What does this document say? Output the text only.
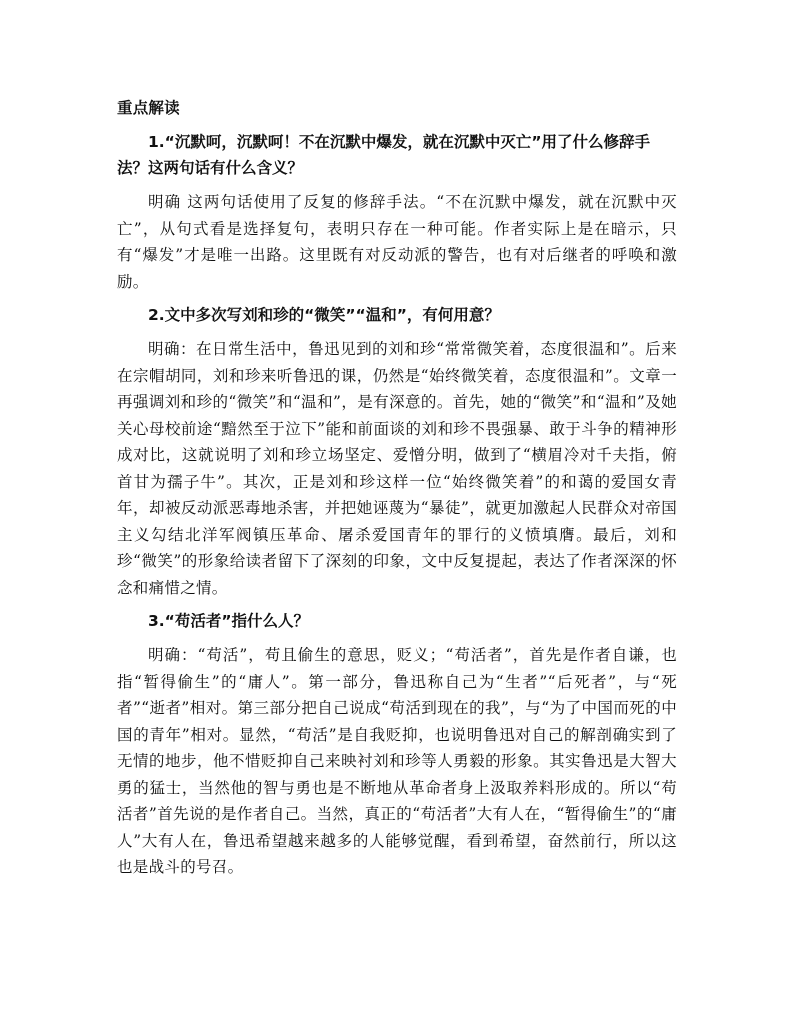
重点解读
1.“沉默呵，沉默呵！不在沉默中爆发，就在沉默中灭亡”用了什么修辞手法？这两句话有什么含义？
明确 这两句话使用了反复的修辞手法。“不在沉默中爆发，就在沉默中灭亡”，从句式看是选择复句，表明只存在一种可能。作者实际上是在暗示，只有“爆发”才是唯一出路。这里既有对反动派的警告，也有对后继者的呼唤和激励。
2.文中多次写刘和珍的“微笑”“温和”，有何用意？
明确：在日常生活中，鲁迅见到的刘和珍“常常微笑着，态度很温和”。后来在宗帽胡同，刘和珍来听鲁迅的课，仍然是“始终微笑着，态度很温和”。文章一再强调刘和珍的“微笑”和“温和”，是有深意的。首先，她的“微笑”和“温和”及她关心母校前途“黯然至于泣下”能和前面谈的刘和珍不畏强暴、敢于斗争的精神形成对比，这就说明了刘和珍立场坚定、爱憎分明，做到了“横眉冷对千夫指，俯首甘为孺子牛”。其次，正是刘和珍这样一位“始终微笑着”的和蔼的爱国女青年，却被反动派恶毒地杀害，并把她诬蔑为“暴徒”，就更加激起人民群众对帝国主义勾结北洋军阀镇压革命、屠杀爱国青年的罪行的义愤填膺。最后，刘和珍“微笑”的形象给读者留下了深刻的印象，文中反复提起，表达了作者深深的怀念和痛惜之情。
3.“苟活者”指什么人？
明确：“苟活”，苟且偷生的意思，贬义；“苟活者”，首先是作者自谦，也指“暂得偷生”的“庸人”。第一部分，鲁迅称自己为“生者”“后死者”，与“死者”“逝者”相对。第三部分把自己说成“苟活到现在的我”，与“为了中国而死的中国的青年”相对。显然，“苟活”是自我贬抑，也说明鲁迅对自己的解剖确实到了无情的地步，他不惜贬抑自己来映衬刘和珍等人勇毅的形象。其实鲁迅是大智大勇的猛士，当然他的智与勇也是不断地从革命者身上汲取养料形成的。所以“苟活者”首先说的是作者自己。当然，真正的“苟活者”大有人在，“暂得偷生”的“庸人”大有人在，鲁迅希望越来越多的人能够觉醒，看到希望，奋然前行，所以这也是战斗的号召。
